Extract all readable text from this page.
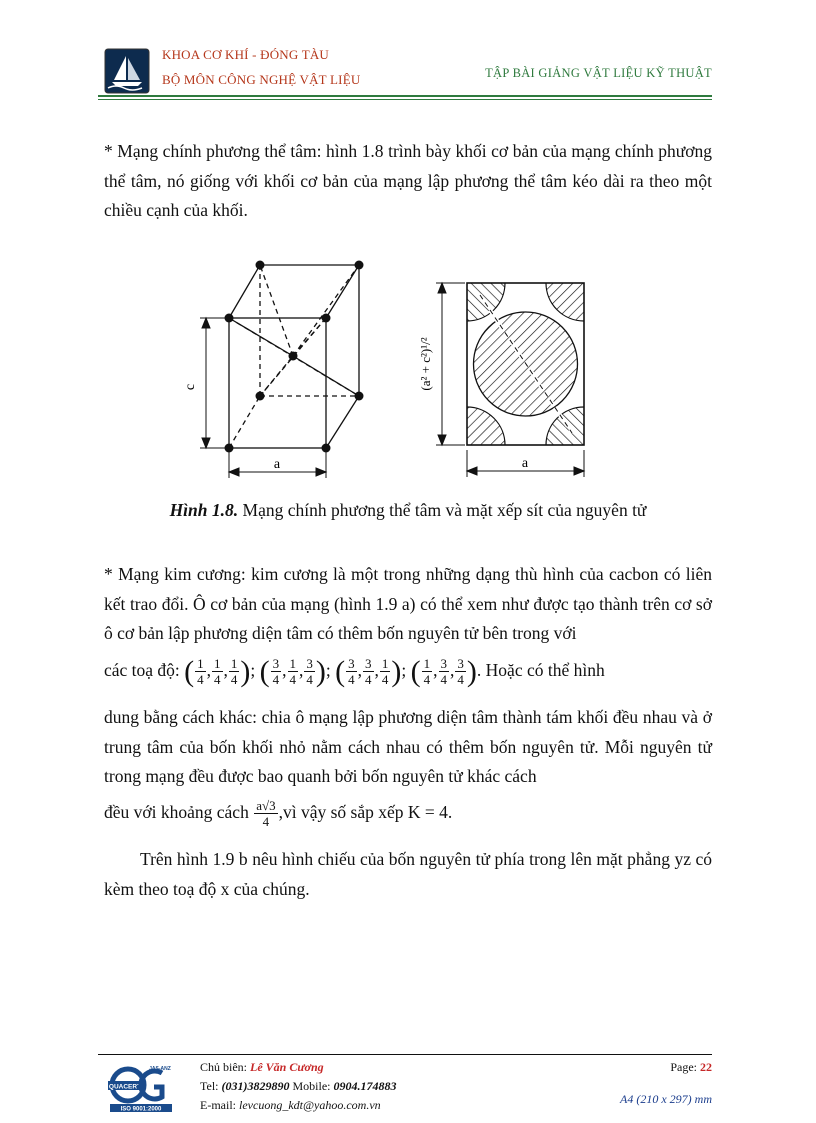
KHOA CƠ KHÍ - ĐÓNG TÀU
BỘ MÔN CÔNG NGHỆ VẬT LIỆU	TẬP BÀI GIẢNG VẬT LIỆU KỸ THUẬT
* Mạng chính phương thể tâm: hình 1.8 trình bày khối cơ bản của mạng chính phương thể tâm, nó giống với khối cơ bản của mạng lập phương thể tâm kéo dài ra theo một chiều cạnh của khối.
c
a
(a² + c²)¹/²
a
Hình 1.8. Mạng chính phương thể tâm và mặt xếp sít của nguyên tử
* Mạng kim cương: kim cương là một trong những dạng thù hình của cacbon có liên kết trao đổi. Ô cơ bản của mạng (hình 1.9 a) có thể xem như được tạo thành trên cơ sở ô cơ bản lập phương diện tâm có thêm bốn nguyên tử bên trong với
các toạ độ: ( $\frac{1}{4}$ , $\frac{1}{4}$ , $\frac{1}{4}$ ); ( $\frac{3}{4}$ , $\frac{1}{4}$ , $\frac{3}{4}$ ); ( $\frac{3}{4}$ , $\frac{3}{4}$ , $\frac{1}{4}$ ); ( $\frac{1}{4}$ , $\frac{3}{4}$ , $\frac{3}{4}$ ). Hoặc có thể hình
dung bằng cách khác: chia ô mạng lập phương diện tâm thành tám khối đều nhau và ở trung tâm của bốn khối nhỏ nằm cách nhau có thêm bốn nguyên tử. Mỗi nguyên tử trong mạng đều được bao quanh bởi bốn nguyên tử khác cách
đều với khoảng cách $\frac{a√3}{4}$ ,vì vậy số sắp xếp K = 4.
Trên hình 1.9 b nêu hình chiếu của bốn nguyên tử phía trong lên mặt phẳng yz có kèm theo toạ độ x của chúng.
QUACERT
JAS-ANZ
ISO 9001:2000
Chủ biên: Lê Văn Cương
Tel: (031)3829890 Mobile: 0904.174883
E-mail: levcuong_kdt@yahoo.com.vn
Page: 22
A4 (210 x 297) mm
